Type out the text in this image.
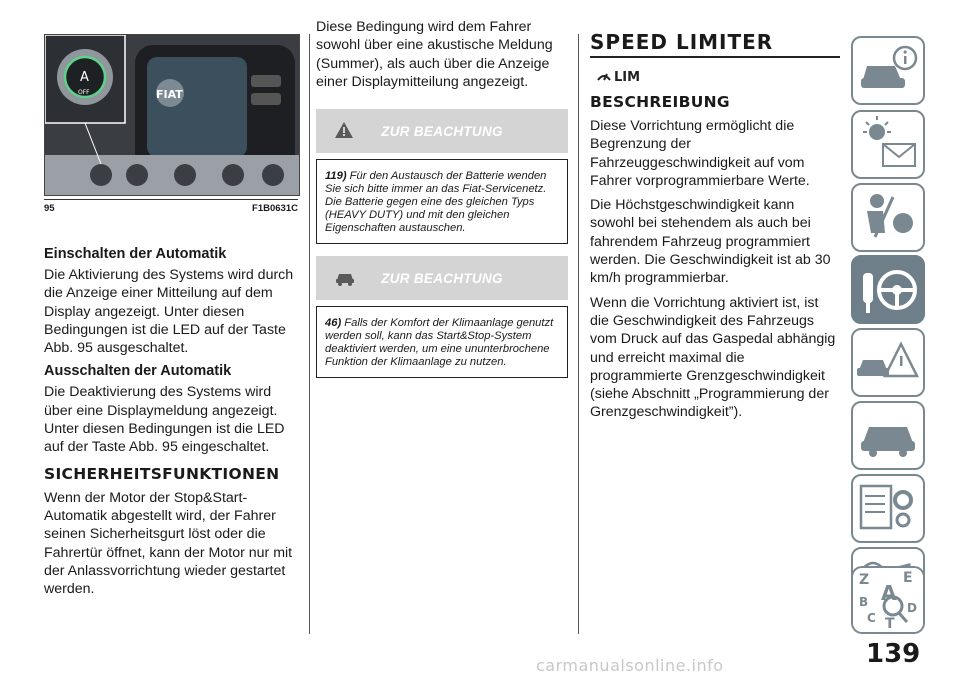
FIAT
A
OFF
95	F1B0631C
Einschalten der Automatik

Die Aktivierung des Systems wird durch die Anzeige einer Mitteilung auf dem Display angezeigt. Unter diesen Bedingungen ist die LED auf der Taste Abb. 95 ausgeschaltet.

Ausschalten der Automatik

Die Deaktivierung des Systems wird über eine Displaymeldung angezeigt. Unter diesen Bedingungen ist die LED auf der Taste Abb. 95 eingeschaltet.

SICHERHEITSFUNKTIONEN

Wenn der Motor der Stop&Start-Automatik abgestellt wird, der Fahrer seinen Sicherheitsgurt löst oder die Fahrertür öffnet, kann der Motor nur mit der Anlassvorrichtung wieder gestartet werden.

Diese Bedingung wird dem Fahrer sowohl über eine akustische Meldung (Summer), als auch über die Anzeige einer Displaymitteilung angezeigt.

ZUR BEACHTUNG
119) Für den Austausch der Batterie wenden Sie sich bitte immer an das Fiat-Servicenetz. Die Batterie gegen eine des gleichen Typs (HEAVY DUTY) und mit den gleichen Eigenschaften austauschen.
ZUR BEACHTUNG
46) Falls der Komfort der Klimaanlage genutzt werden soll, kann das Start&Stop-System deaktiviert werden, um eine ununterbrochene Funktion der Klimaanlage zu nutzen.
SPEED LIMITER
LIM
BESCHREIBUNG

Diese Vorrichtung ermöglicht die Begrenzung der Fahrzeuggeschwindigkeit auf vom Fahrer vorprogrammierbare Werte.

Die Höchstgeschwindigkeit kann sowohl bei stehendem als auch bei fahrendem Fahrzeug programmiert werden. Die Geschwindigkeit ist ab 30 km/h programmierbar.

Wenn die Vorrichtung aktiviert ist, ist die Geschwindigkeit des Fahrzeugs vom Druck auf das Gaspedal abhängig und erreicht maximal die programmierte Grenzgeschwindigkeit (siehe Abschnitt „Programmierung der Grenzgeschwindigkeit”).

Z E
A
B
C
D
T
139
carmanualsonline.info
